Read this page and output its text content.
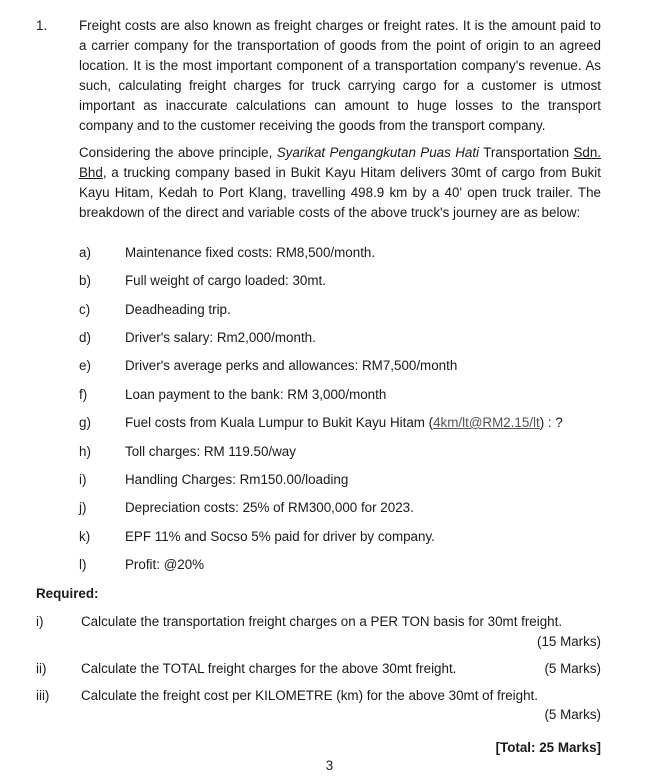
1. Freight costs are also known as freight charges or freight rates. It is the amount paid to a carrier company for the transportation of goods from the point of origin to an agreed location. It is the most important component of a transportation company's revenue. As such, calculating freight charges for truck carrying cargo for a customer is utmost important as inaccurate calculations can amount to huge losses to the transport company and to the customer receiving the goods from the transport company.
Considering the above principle, Syarikat Pengangkutan Puas Hati Transportation Sdn. Bhd, a trucking company based in Bukit Kayu Hitam delivers 30mt of cargo from Bukit Kayu Hitam, Kedah to Port Klang, travelling 498.9 km by a 40' open truck trailer. The breakdown of the direct and variable costs of the above truck's journey are as below:
a)	Maintenance fixed costs: RM8,500/month.
b)	Full weight of cargo loaded: 30mt.
c)	Deadheading trip.
d)	Driver's salary: Rm2,000/month.
e)	Driver's average perks and allowances: RM7,500/month
f)	Loan payment to the bank: RM 3,000/month
g)	Fuel costs from Kuala Lumpur to Bukit Kayu Hitam (4km/lt@RM2.15/lt) : ?
h)	Toll charges: RM 119.50/way
i)	Handling Charges: Rm150.00/loading
j)	Depreciation costs: 25% of RM300,000 for 2023.
k)	EPF 11% and Socso 5% paid for driver by company.
l)	Profit: @20%
Required:
i)	Calculate the transportation freight charges on a PER TON basis for 30mt freight.
(15 Marks)
ii)	Calculate the TOTAL freight charges for the above 30mt freight.	(5 Marks)
iii) Calculate the freight cost per KILOMETRE (km) for the above 30mt of freight.
(5 Marks)
[Total: 25 Marks]
3
